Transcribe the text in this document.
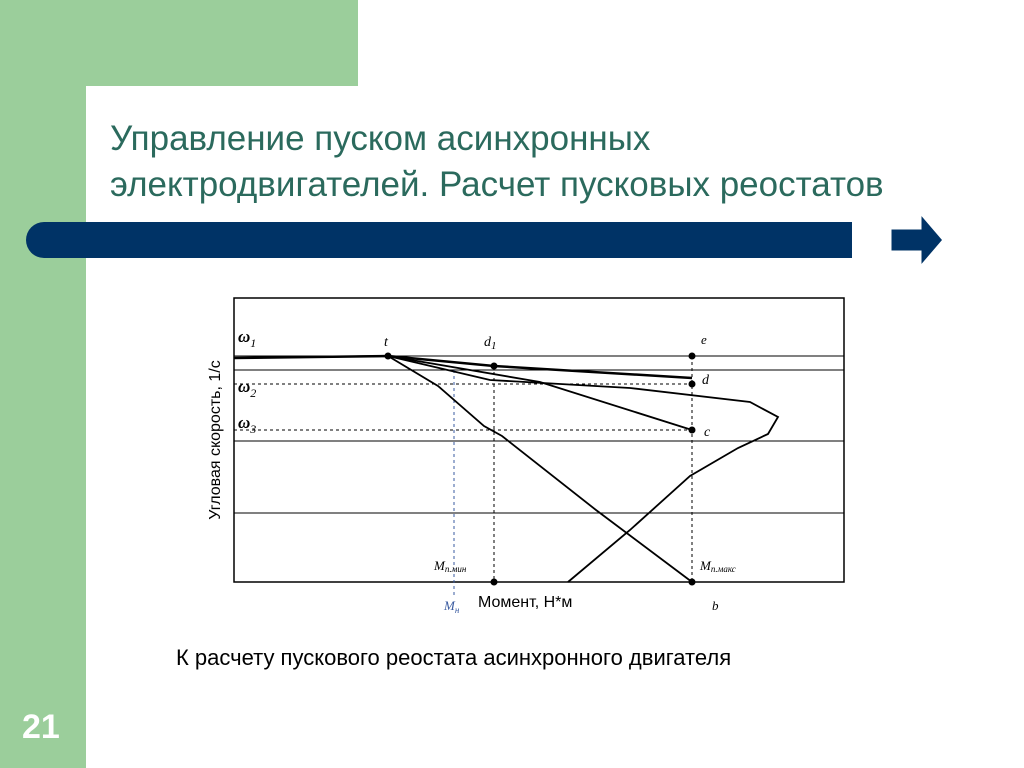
Управление пуском асинхронных
электродвигателей. Расчет пусковых реостатов
$\omega_1$
$\omega_2$
$\omega_3$
t	$d_1$	e
d
c
b
Mп.мин	Mп.макс
$M_н$ Момент, Н*м
Угловая скорость, 1/с

К расчету пускового реостата асинхронного двигателя

21
